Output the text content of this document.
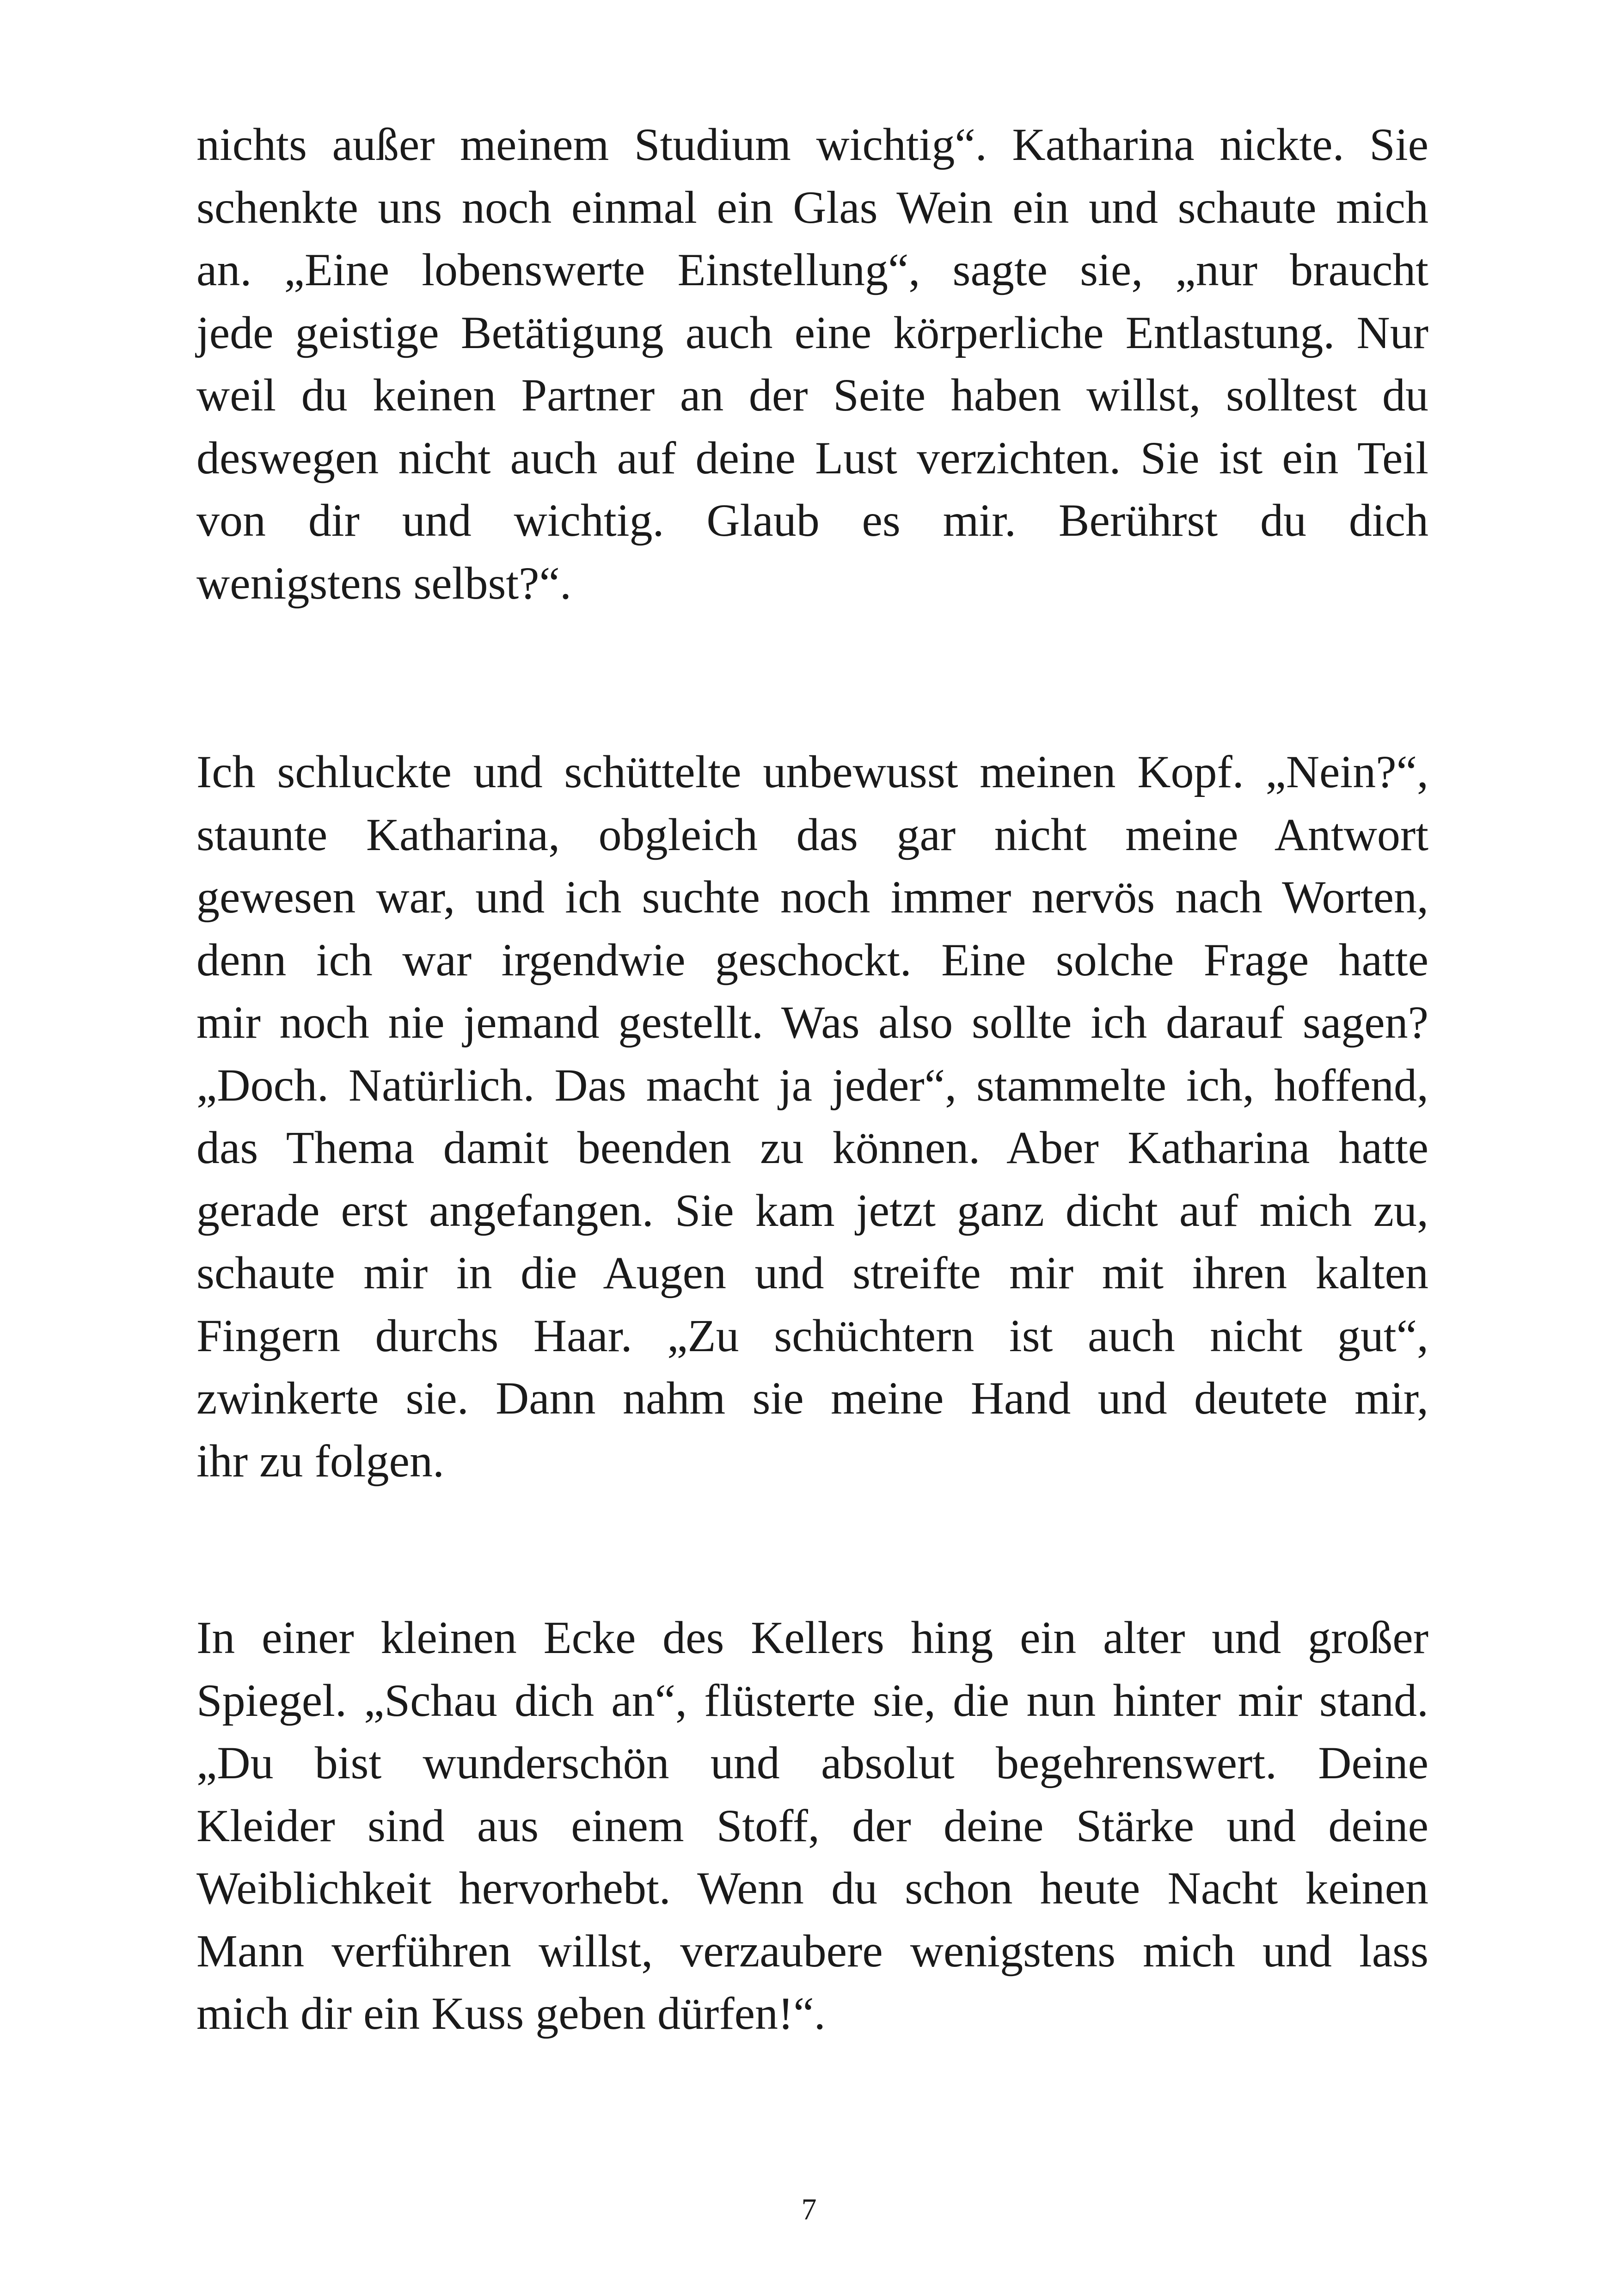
nichts außer meinem Studium wichtig“. Katharina nickte. Sie
schenkte uns noch einmal ein Glas Wein ein und schaute mich
an. „Eine lobenswerte Einstellung“, sagte sie, „nur braucht
jede geistige Betätigung auch eine körperliche Entlastung. Nur
weil du keinen Partner an der Seite haben willst, solltest du
deswegen nicht auch auf deine Lust verzichten. Sie ist ein Teil
von dir und wichtig. Glaub es mir. Berührst du dich
wenigstens selbst?“.
Ich schluckte und schüttelte unbewusst meinen Kopf. „Nein?“,
staunte Katharina, obgleich das gar nicht meine Antwort
gewesen war, und ich suchte noch immer nervös nach Worten,
denn ich war irgendwie geschockt. Eine solche Frage hatte
mir noch nie jemand gestellt. Was also sollte ich darauf sagen?
„Doch. Natürlich. Das macht ja jeder“, stammelte ich, hoffend,
das Thema damit beenden zu können. Aber Katharina hatte
gerade erst angefangen. Sie kam jetzt ganz dicht auf mich zu,
schaute mir in die Augen und streifte mir mit ihren kalten
Fingern durchs Haar. „Zu schüchtern ist auch nicht gut“,
zwinkerte sie. Dann nahm sie meine Hand und deutete mir,
ihr zu folgen.
In einer kleinen Ecke des Kellers hing ein alter und großer
Spiegel. „Schau dich an“, flüsterte sie, die nun hinter mir stand.
„Du bist wunderschön und absolut begehrenswert. Deine
Kleider sind aus einem Stoff, der deine Stärke und deine
Weiblichkeit hervorhebt. Wenn du schon heute Nacht keinen
Mann verführen willst, verzaubere wenigstens mich und lass
mich dir ein Kuss geben dürfen!“.
7
